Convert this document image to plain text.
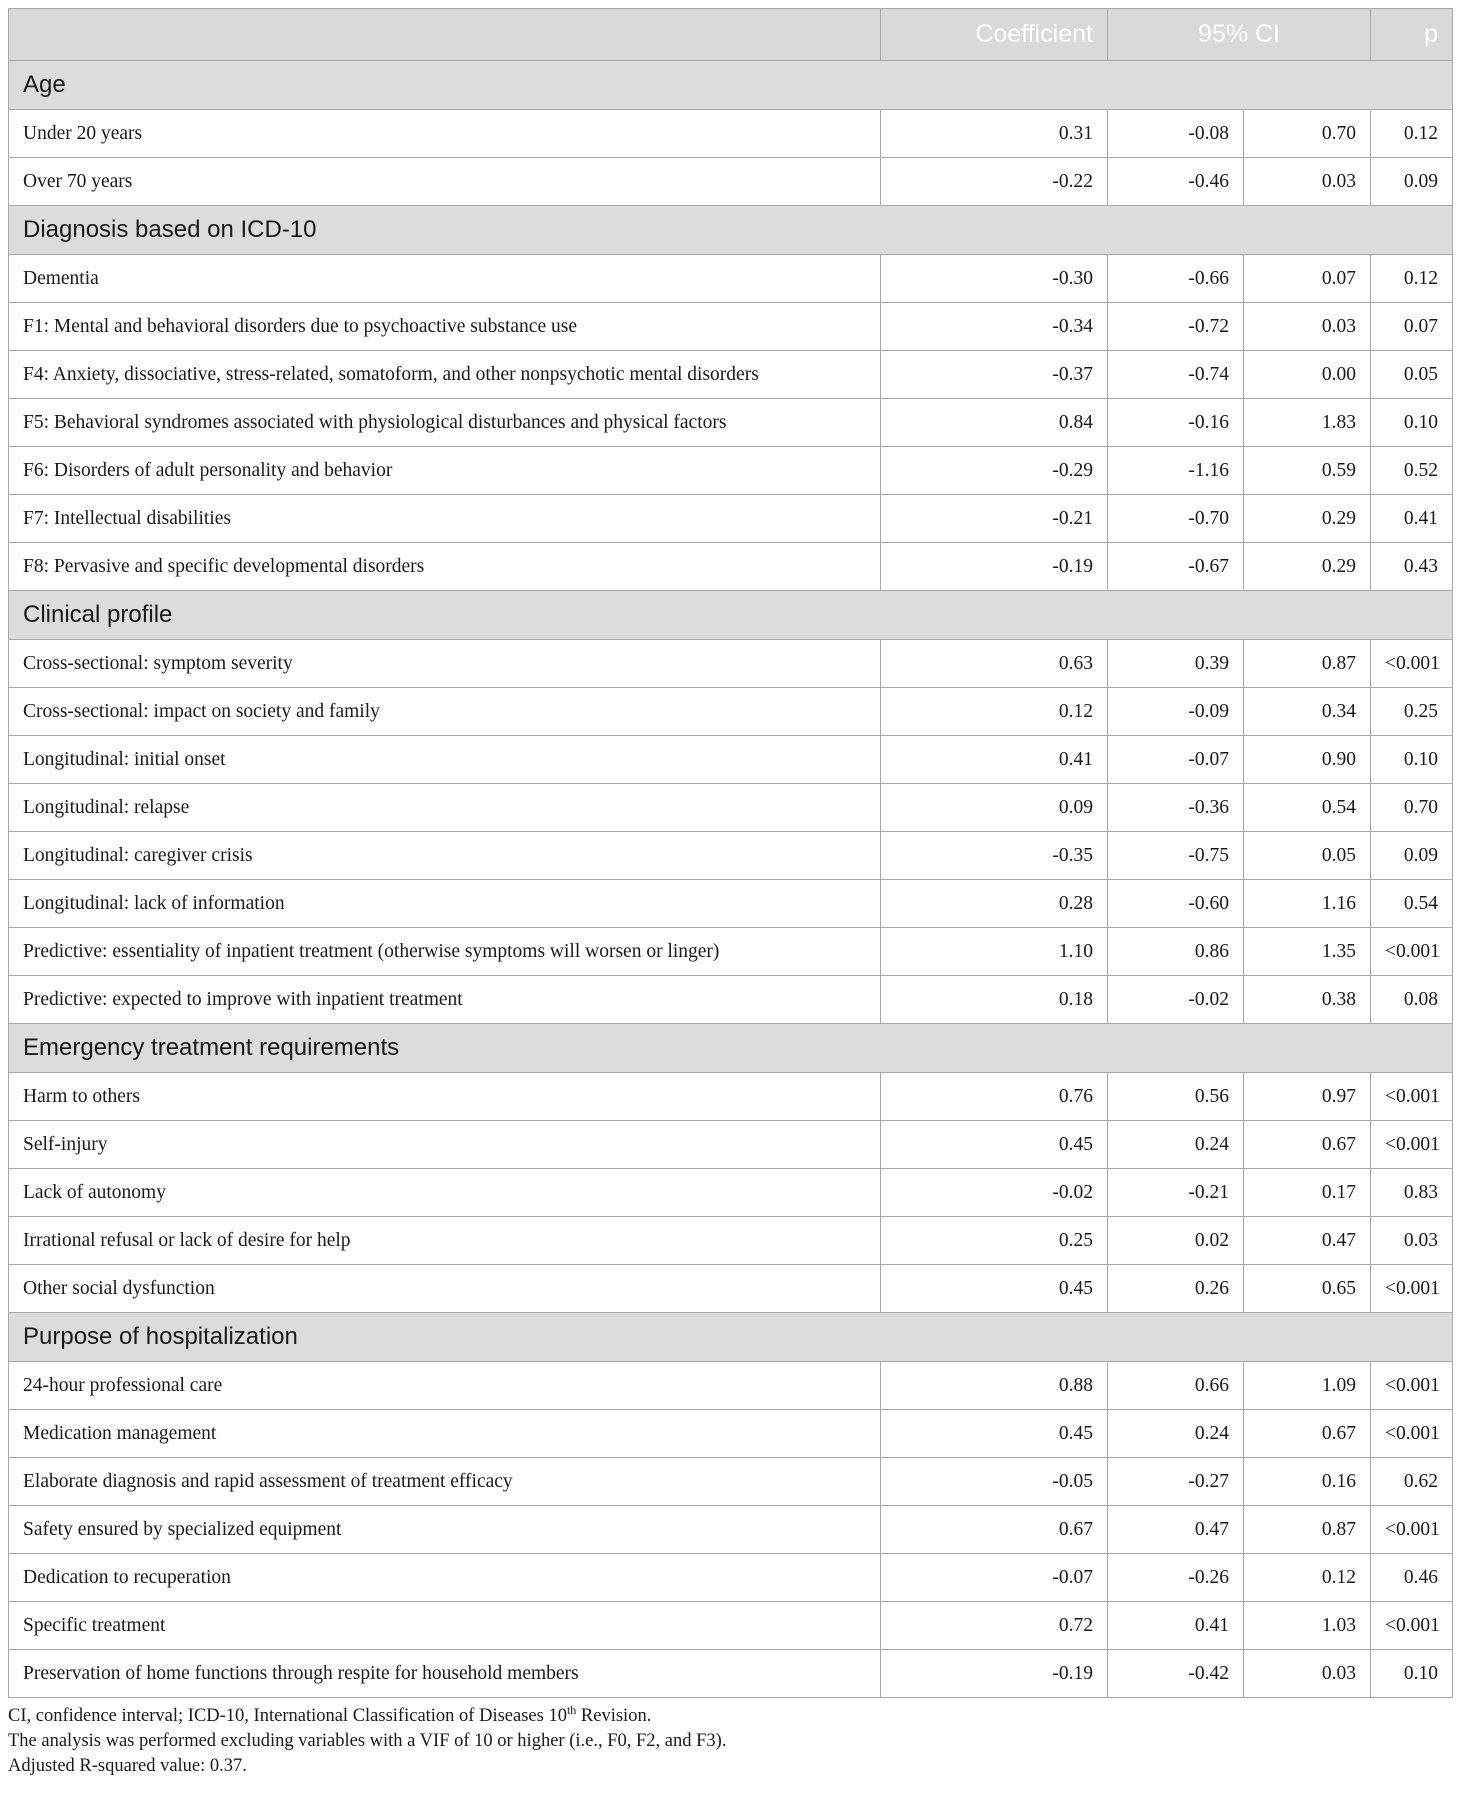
	Coefficient	95% CI		p
Age				
Under 20 years	0.31	-0.08	0.70	0.12
Over 70 years	-0.22	-0.46	0.03	0.09
Diagnosis based on ICD-10				
Dementia	-0.30	-0.66	0.07	0.12
F1: Mental and behavioral disorders due to psychoactive substance use	-0.34	-0.72	0.03	0.07
F4: Anxiety, dissociative, stress-related, somatoform, and other nonpsychotic mental disorders	-0.37	-0.74	0.00	0.05
F5: Behavioral syndromes associated with physiological disturbances and physical factors	0.84	-0.16	1.83	0.10
F6: Disorders of adult personality and behavior	-0.29	-1.16	0.59	0.52
F7: Intellectual disabilities	-0.21	-0.70	0.29	0.41
F8: Pervasive and specific developmental disorders	-0.19	-0.67	0.29	0.43
Clinical profile				
Cross-sectional: symptom severity	0.63	0.39	0.87	<0.001
Cross-sectional: impact on society and family	0.12	-0.09	0.34	0.25
Longitudinal: initial onset	0.41	-0.07	0.90	0.10
Longitudinal: relapse	0.09	-0.36	0.54	0.70
Longitudinal: caregiver crisis	-0.35	-0.75	0.05	0.09
Longitudinal: lack of information	0.28	-0.60	1.16	0.54
Predictive: essentiality of inpatient treatment (otherwise symptoms will worsen or linger)	1.10	0.86	1.35	<0.001
Predictive: expected to improve with inpatient treatment	0.18	-0.02	0.38	0.08
Emergency treatment requirements				
Harm to others	0.76	0.56	0.97	<0.001
Self-injury	0.45	0.24	0.67	<0.001
Lack of autonomy	-0.02	-0.21	0.17	0.83
Irrational refusal or lack of desire for help	0.25	0.02	0.47	0.03
Other social dysfunction	0.45	0.26	0.65	<0.001
Purpose of hospitalization				
24-hour professional care	0.88	0.66	1.09	<0.001
Medication management	0.45	0.24	0.67	<0.001
Elaborate diagnosis and rapid assessment of treatment efficacy	-0.05	-0.27	0.16	0.62
Safety ensured by specialized equipment	0.67	0.47	0.87	<0.001
Dedication to recuperation	-0.07	-0.26	0.12	0.46
Specific treatment	0.72	0.41	1.03	<0.001
Preservation of home functions through respite for household members	-0.19	-0.42	0.03	0.10
CI, confidence interval; ICD-10, International Classification of Diseases 10th Revision.
The analysis was performed excluding variables with a VIF of 10 or higher (i.e., F0, F2, and F3).
Adjusted R-squared value: 0.37.
